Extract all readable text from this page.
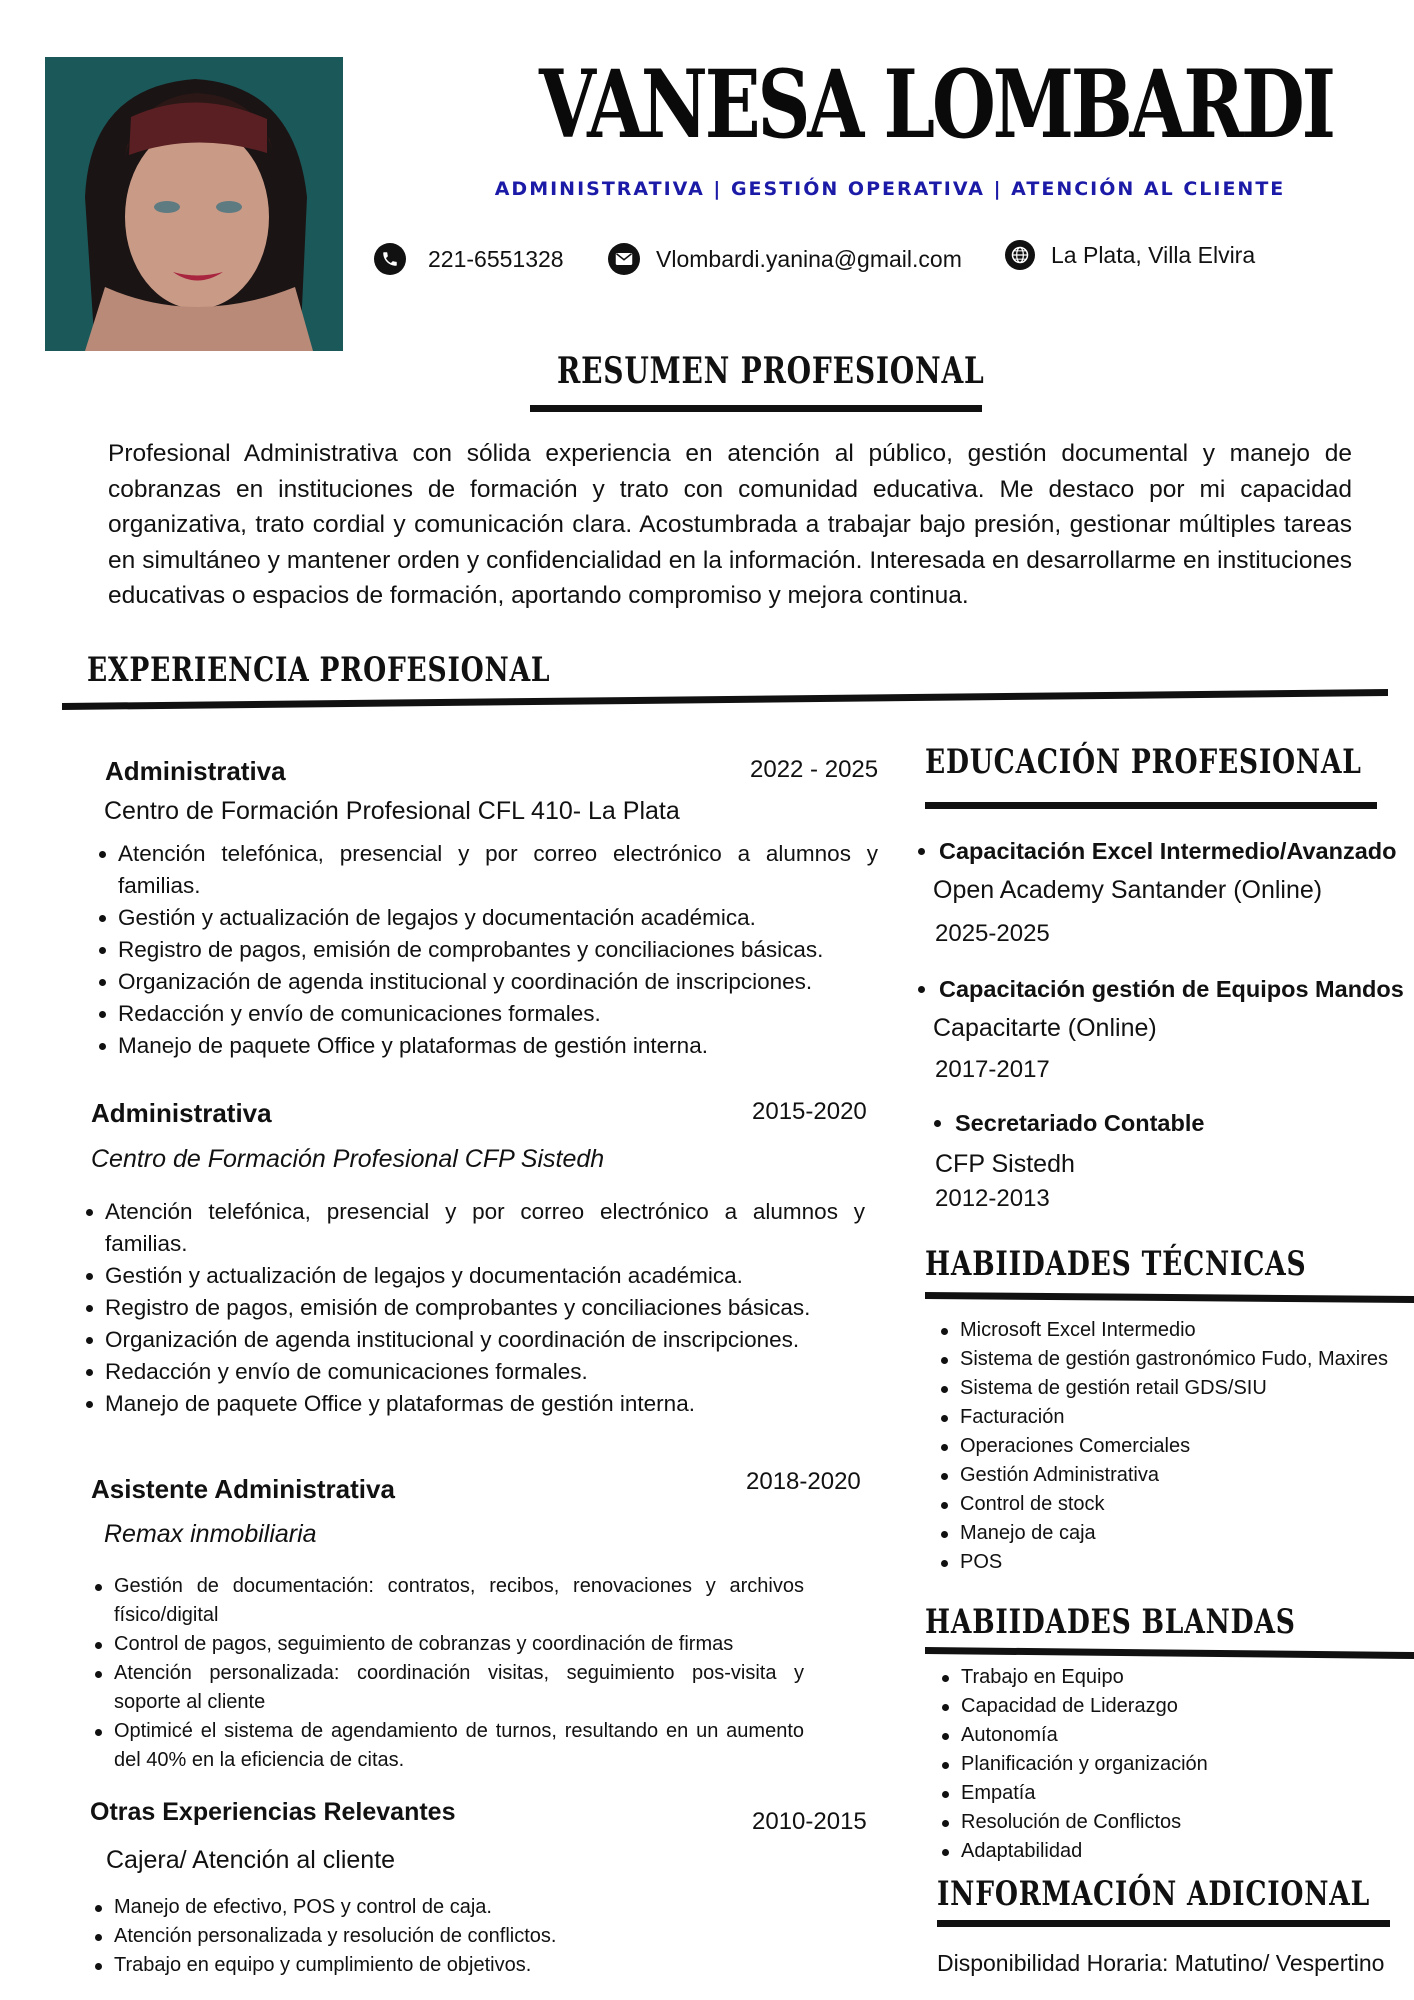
VANESA LOMBARDI
ADMINISTRATIVA | GESTIÓN OPERATIVA | ATENCIÓN AL CLIENTE
221-6551328	Vlombardi.yanina@gmail.com	La Plata, Villa Elvira
RESUMEN PROFESIONAL
Profesional Administrativa con sólida experiencia en atención al público, gestión documental y manejo de cobranzas en instituciones de formación y trato con comunidad educativa. Me destaco por mi capacidad organizativa, trato cordial y comunicación clara. Acostumbrada a trabajar bajo presión, gestionar múltiples tareas en simultáneo y mantener orden y confidencialidad en la información. Interesada en desarrollarme en instituciones educativas o espacios de formación, aportando compromiso y mejora continua.
EXPERIENCIA PROFESIONAL
Administrativa	2022 - 2025
Centro de Formación Profesional CFL 410- La Plata
Atención telefónica, presencial y por correo electrónico a alumnos y familias.
Gestión y actualización de legajos y documentación académica.
Registro de pagos, emisión de comprobantes y conciliaciones básicas.
Organización de agenda institucional y coordinación de inscripciones.
Redacción y envío de comunicaciones formales.
Manejo de paquete Office y plataformas de gestión interna.
Administrativa	2015-2020
Centro de Formación Profesional CFP Sistedh
Atención telefónica, presencial y por correo electrónico a alumnos y familias.
Gestión y actualización de legajos y documentación académica.
Registro de pagos, emisión de comprobantes y conciliaciones básicas.
Organización de agenda institucional y coordinación de inscripciones.
Redacción y envío de comunicaciones formales.
Manejo de paquete Office y plataformas de gestión interna.
Asistente Administrativa	2018-2020
Remax inmobiliaria
Gestión de documentación: contratos, recibos, renovaciones y archivos físico/digital
Control de pagos, seguimiento de cobranzas y coordinación de firmas
Atención personalizada: coordinación visitas, seguimiento pos-visita y soporte al cliente
Optimicé el sistema de agendamiento de turnos, resultando en un aumento del 40% en la eficiencia de citas.
Otras Experiencias Relevantes	2010-2015
Cajera/ Atención al cliente
Manejo de efectivo, POS y control de caja.
Atención personalizada y resolución de conflictos.
Trabajo en equipo y cumplimiento de objetivos.
EDUCACIÓN PROFESIONAL
Capacitación Excel Intermedio/Avanzado
Open Academy Santander (Online)
2025-2025
Capacitación gestión de Equipos Mandos
Capacitarte (Online)
2017-2017
Secretariado Contable
CFP Sistedh
2012-2013
HABIIDADES TÉCNICAS
Microsoft Excel Intermedio
Sistema de gestión gastronómico Fudo, Maxires
Sistema de gestión retail GDS/SIU
Facturación
Operaciones Comerciales
Gestión Administrativa
Control de stock
Manejo de caja
POS
HABIIDADES BLANDAS
Trabajo en Equipo
Capacidad de Liderazgo
Autonomía
Planificación y organización
Empatía
Resolución de Conflictos
Adaptabilidad
INFORMACIÓN ADICIONAL
Disponibilidad Horaria: Matutino/ Vespertino
